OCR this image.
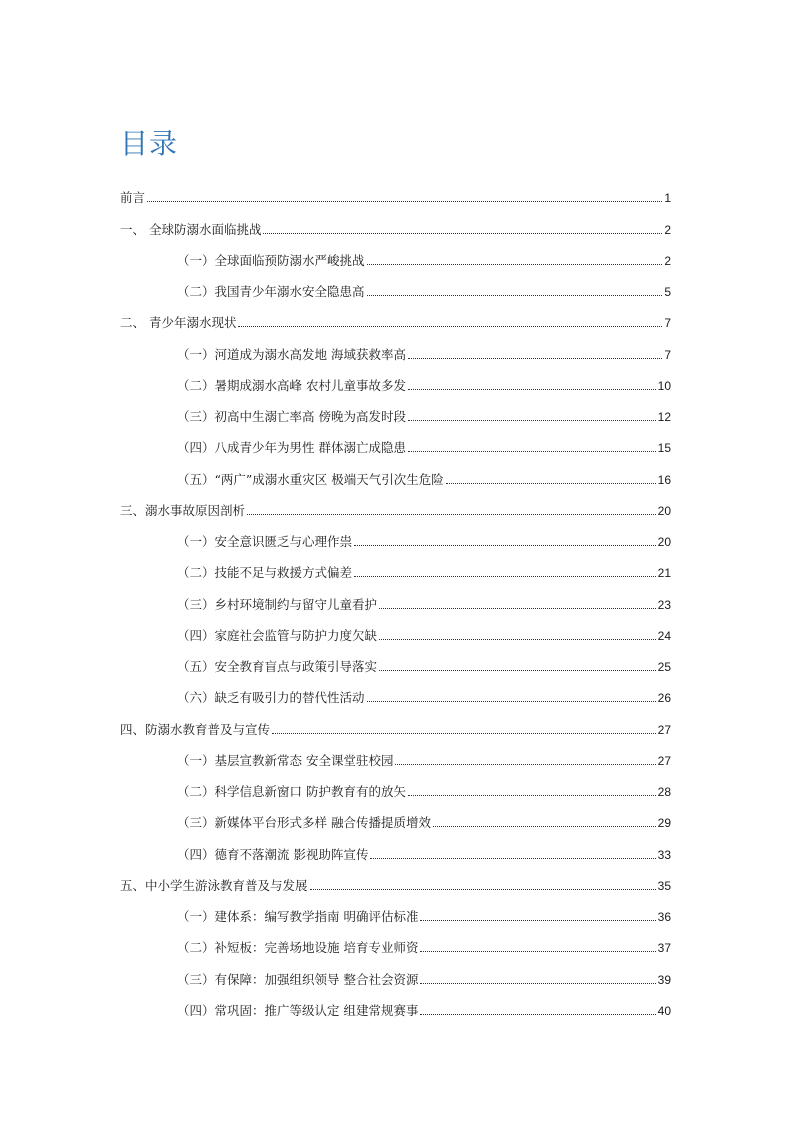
目录
前言	1
一、 全球防溺水面临挑战	2
（一）全球面临预防溺水严峻挑战	2
（二）我国青少年溺水安全隐患高	5
二、 青少年溺水现状	7
（一）河道成为溺水高发地 海域获救率高	7
（二）暑期成溺水高峰 农村儿童事故多发	10
（三）初高中生溺亡率高 傍晚为高发时段	12
（四）八成青少年为男性 群体溺亡成隐患	15
（五）“两广”成溺水重灾区 极端天气引次生危险	16
三、溺水事故原因剖析	20
（一）安全意识匮乏与心理作祟	20
（二）技能不足与救援方式偏差	21
（三）乡村环境制约与留守儿童看护	23
（四）家庭社会监管与防护力度欠缺	24
（五）安全教育盲点与政策引导落实	25
（六）缺乏有吸引力的替代性活动	26
四、防溺水教育普及与宣传	27
（一）基层宣教新常态 安全课堂驻校园	27
（二）科学信息新窗口 防护教育有的放矢	28
（三）新媒体平台形式多样 融合传播提质增效	29
（四）德育不落潮流 影视助阵宣传	33
五、中小学生游泳教育普及与发展	35
（一）建体系：编写教学指南 明确评估标准	36
（二）补短板：完善场地设施 培育专业师资	37
（三）有保障：加强组织领导 整合社会资源	39
（四）常巩固：推广等级认定 组建常规赛事	40
